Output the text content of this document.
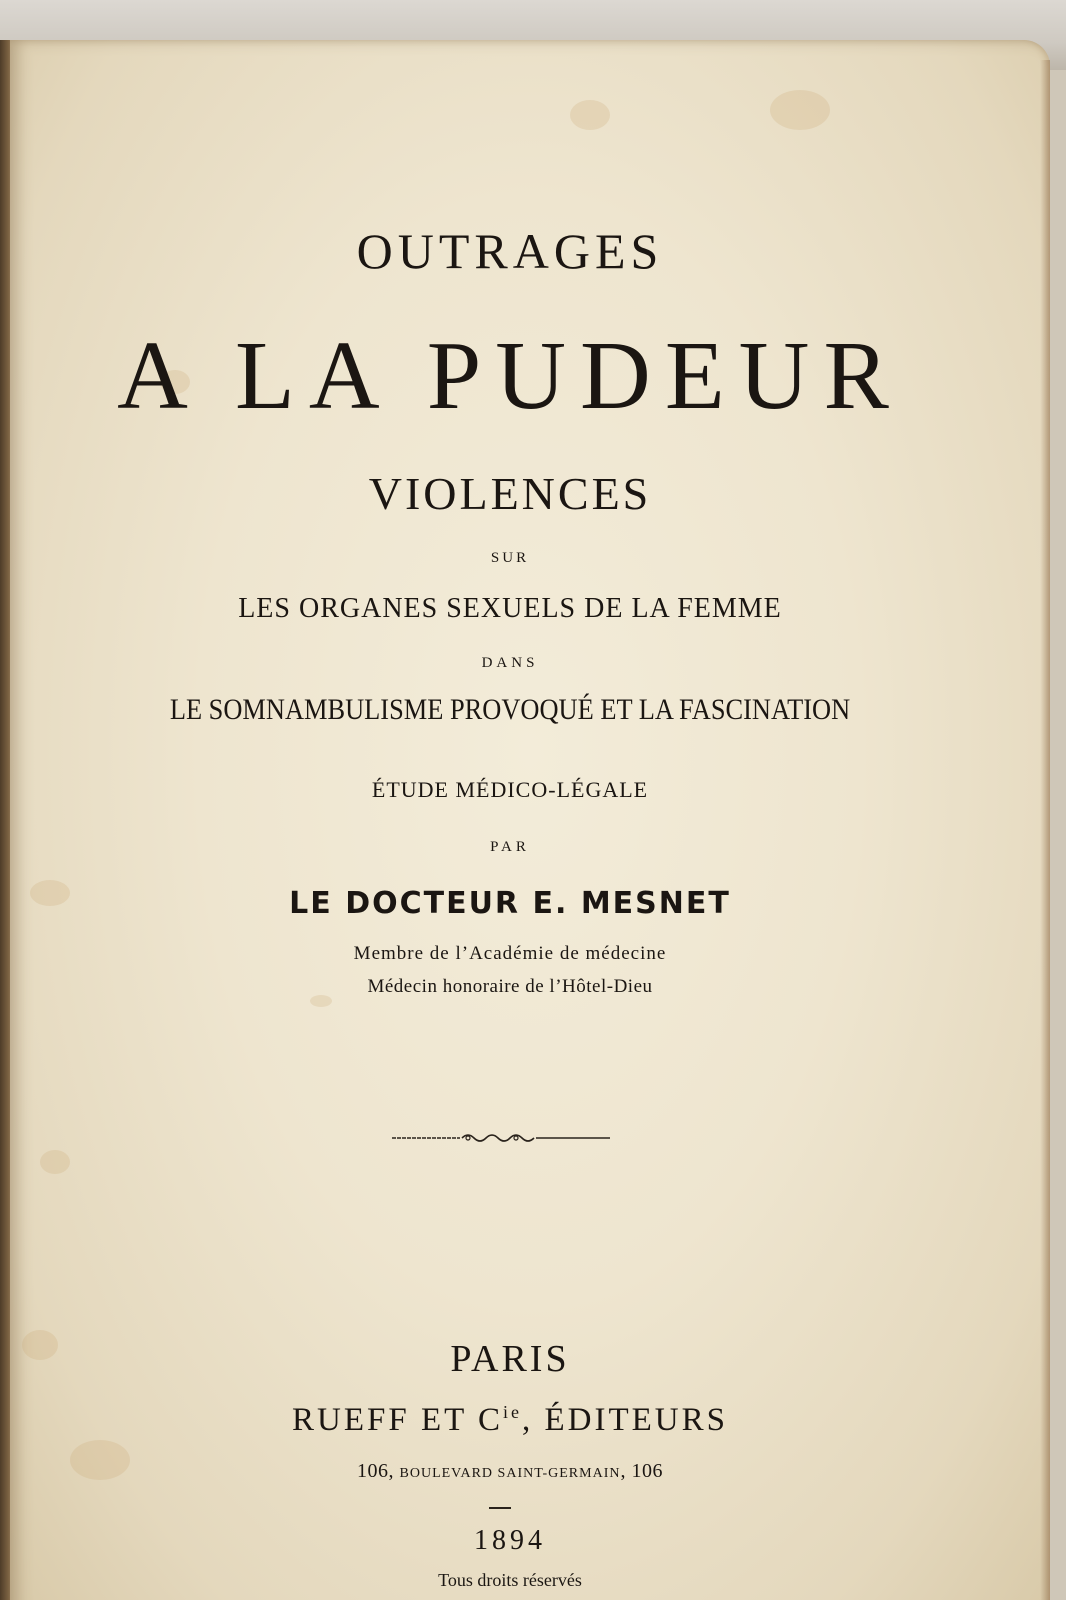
OUTRAGES
A LA PUDEUR
VIOLENCES
SUR
LES ORGANES SEXUELS DE LA FEMME
DANS
LE SOMNAMBULISME PROVOQUÉ ET LA FASCINATION
ÉTUDE MÉDICO-LÉGALE
PAR
LE DOCTEUR E. MESNET
Membre de l’Académie de médecine
Médecin honoraire de l’Hôtel-Dieu
PARIS
RUEFF ET $C^{ie}$, ÉDITEURS
106, BOULEVARD SAINT-GERMAIN, 106
1894
Tous droits réservés
